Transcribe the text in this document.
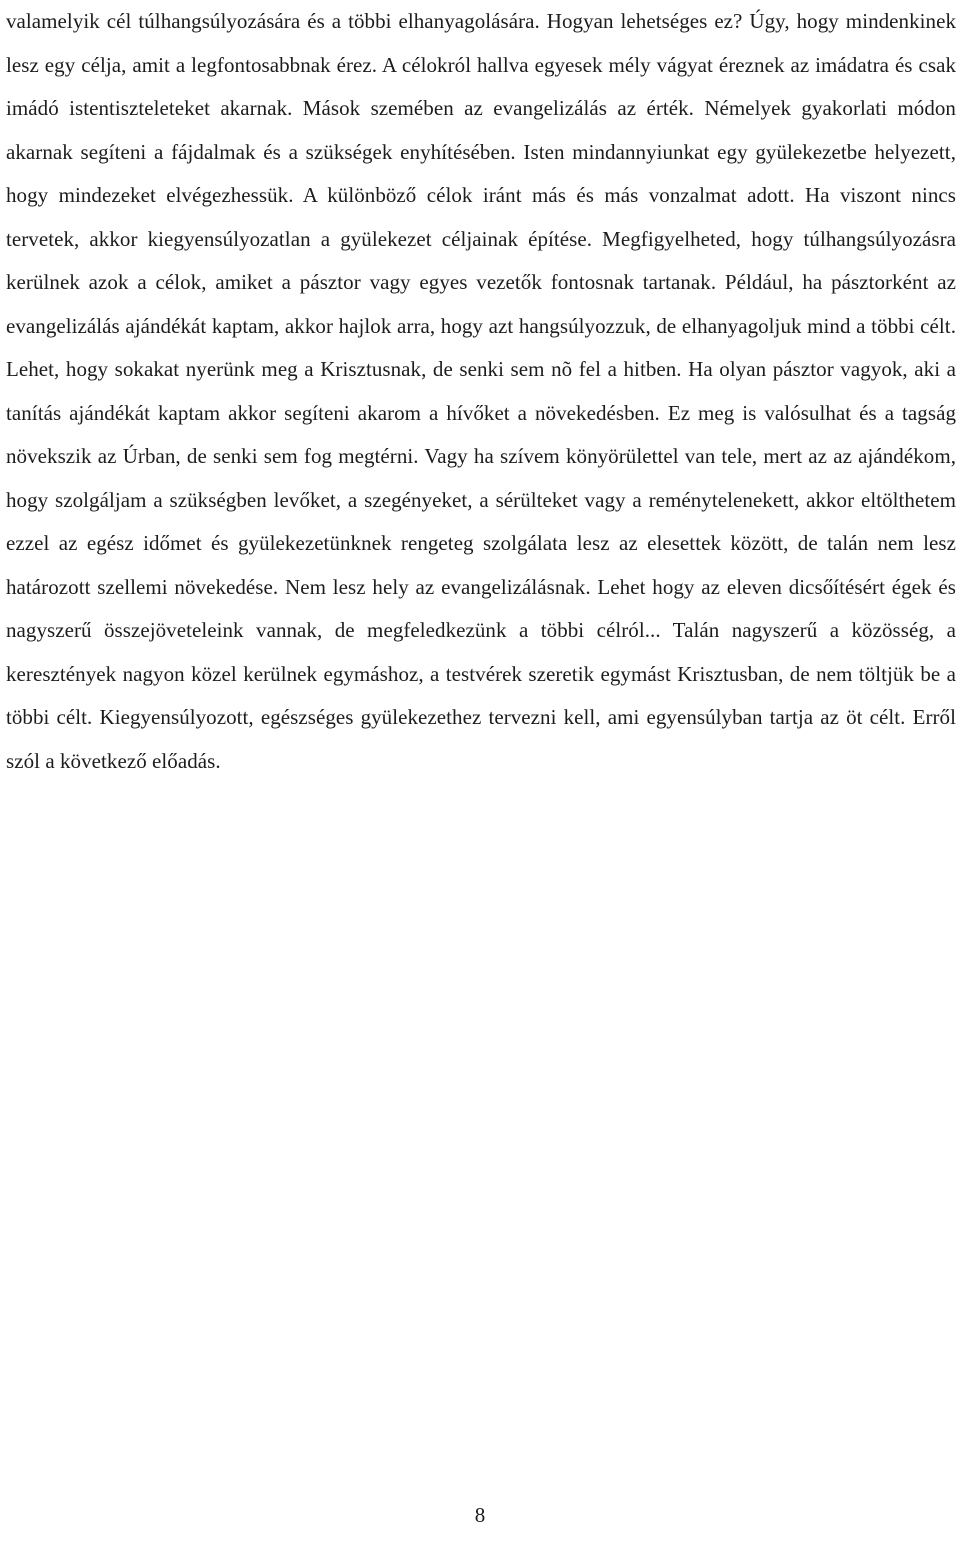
valamelyik cél túlhangsúlyozására és a többi elhanyagolására. Hogyan lehetséges ez? Úgy, hogy mindenkinek lesz egy célja, amit a legfontosabbnak érez. A célokról hallva egyesek mély vágyat éreznek az imádatra és csak imádó istentiszteleteket akarnak. Mások szemében az evangelizálás az érték. Némelyek gyakorlati módon akarnak segíteni a fájdalmak és a szükségek enyhítésében. Isten mindannyiunkat egy gyülekezetbe helyezett, hogy mindezeket elvégezhessük. A különböző célok iránt más és más vonzalmat adott. Ha viszont nincs tervetek, akkor kiegyensúlyozatlan a gyülekezet céljainak építése. Megfigyelheted, hogy túlhangsúlyozásra kerülnek azok a célok, amiket a pásztor vagy egyes vezetők fontosnak tartanak. Például, ha pásztorként az evangelizálás ajándékát kaptam, akkor hajlok arra, hogy azt hangsúlyozzuk, de elhanyagoljuk mind a többi célt. Lehet, hogy sokakat nyerünk meg a Krisztusnak, de senki sem nõ fel a hitben. Ha olyan pásztor vagyok, aki a tanítás ajándékát kaptam akkor segíteni akarom a hívőket a növekedésben. Ez meg is valósulhat és a tagság növekszik az Úrban, de senki sem fog megtérni. Vagy ha szívem könyörülettel van tele, mert az az ajándékom, hogy szolgáljam a szükségben levőket, a szegényeket, a sérülteket vagy a reménytelenekett, akkor eltölthetem ezzel az egész időmet és gyülekezetünknek rengeteg szolgálata lesz az elesettek között, de talán nem lesz határozott szellemi növekedése. Nem lesz hely az evangelizálásnak. Lehet hogy az eleven dicsőítésért égek és nagyszerű összejöveteleink vannak, de megfeledkezünk a többi célról... Talán nagyszerű a közösség, a keresztények nagyon közel kerülnek egymáshoz, a testvérek szeretik egymást Krisztusban, de nem töltjük be a többi célt. Kiegyensúlyozott, egészséges gyülekezethez tervezni kell, ami egyensúlyban tartja az öt célt. Erről szól a következő előadás.

8
